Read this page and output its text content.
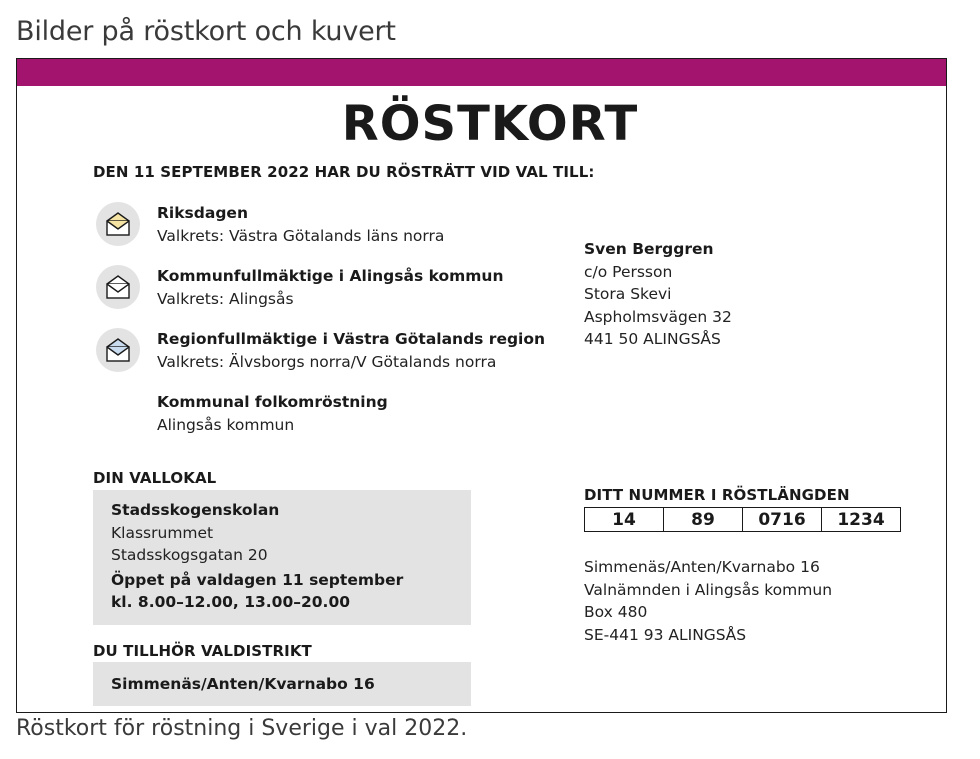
Bilder på röstkort och kuvert
RÖSTKORT
DEN 11 SEPTEMBER 2022 HAR DU RÖSTRÄTT VID VAL TILL:
Riksdagen
Valkrets: Västra Götalands läns norra
Kommunfullmäktige i Alingsås kommun
Valkrets: Alingsås
Regionfullmäktige i Västra Götalands region
Valkrets: Älvsborgs norra/V Götalands norra
Kommunal folkomröstning
Alingsås kommun
Sven Berggren
c/o Persson
Stora Skevi
Aspholmsvägen 32
441 50 ALINGSÅS
DIN VALLOKAL
Stadsskogenskolan
Klassrummet
Stadsskogsgatan 20
Öppet på valdagen 11 september
kl. 8.00–12.00, 13.00–20.00
DU TILLHÖR VALDISTRIKT
Simmenäs/Anten/Kvarnabo 16
DITT NUMMER I RÖSTLÄNGDEN
14	89	0716	1234
Simmenäs/Anten/Kvarnabo 16
Valnämnden i Alingsås kommun
Box 480
SE-441 93 ALINGSÅS

Röstkort för röstning i Sverige i val 2022.
